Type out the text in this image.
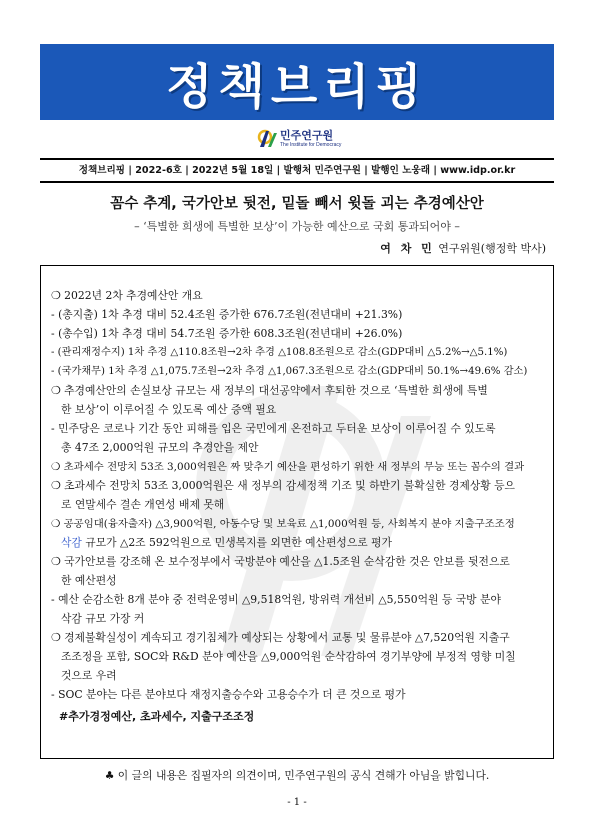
정책브리핑
민주연구원
The Institute for Democracy
정책브리핑 | 2022-6호 | 2022년 5월 18일 | 발행처 민주연구원 | 발행인 노웅래 | www.idp.or.kr
꼼수 추계, 국가안보 뒷전, 밑돌 빼서 윗돌 괴는 추경예산안
– ‘특별한 희생에 특별한 보상’이 가능한 예산으로 국회 통과되어야 –
여 차 민 연구위원(행정학 박사)
❍ 2022년 2차 추경예산안 개요
- (총지출) 1차 추경 대비 52.4조원 증가한 676.7조원(전년대비 +21.3%)
- (총수입) 1차 추경 대비 54.7조원 증가한 608.3조원(전년대비 +26.0%)
- (관리재정수지) 1차 추경 △110.8조원→2차 추경 △108.8조원으로 감소(GDP대비 △5.2%→△5.1%)
- (국가채무) 1차 추경 △1,075.7조원→2차 추경 △1,067.3조원으로 감소(GDP대비 50.1%→49.6% 감소)
❍ 추경예산안의 손실보상 규모는 새 정부의 대선공약에서 후퇴한 것으로 ‘특별한 희생에 특별
한 보상’이 이루어질 수 있도록 예산 증액 필요
- 민주당은 코로나 기간 동안 피해를 입은 국민에게 온전하고 두터운 보상이 이루어질 수 있도록
총 47조 2,000억원 규모의 추경안을 제안
❍ 초과세수 전망치 53조 3,000억원은 짜 맞추기 예산을 편성하기 위한 새 정부의 무능 또는 꼼수의 결과
❍ 초과세수 전망치 53조 3,000억원은 새 정부의 감세정책 기조 및 하반기 불확실한 경제상황 등으
로 연말세수 결손 개연성 배제 못해
❍ 공공임대(융자출자) △3,900억원, 아동수당 및 보육료 △1,000억원 등, 사회복지 분야 지출구조조정
삭감 규모가 △2조 592억원으로 민생복지를 외면한 예산편성으로 평가
❍ 국가안보를 강조해 온 보수정부에서 국방분야 예산을 △1.5조원 순삭감한 것은 안보를 뒷전으로
한 예산편성
- 예산 순감소한 8개 분야 중 전력운영비 △9,518억원, 방위력 개선비 △5,550억원 등 국방 분야
삭감 규모 가장 커
❍ 경제불확실성이 계속되고 경기침체가 예상되는 상황에서 교통 및 물류분야 △7,520억원 지출구
조조정을 포함, SOC와 R&D 분야 예산을 △9,000억원 순삭감하여 경기부양에 부정적 영향 미칠
것으로 우려
- SOC 분야는 다른 분야보다 재정지출승수와 고용승수가 더 큰 것으로 평가
#추가경정예산, 초과세수, 지출구조조정
♣ 이 글의 내용은 집필자의 의견이며, 민주연구원의 공식 견해가 아님을 밝힙니다.
- 1 -
